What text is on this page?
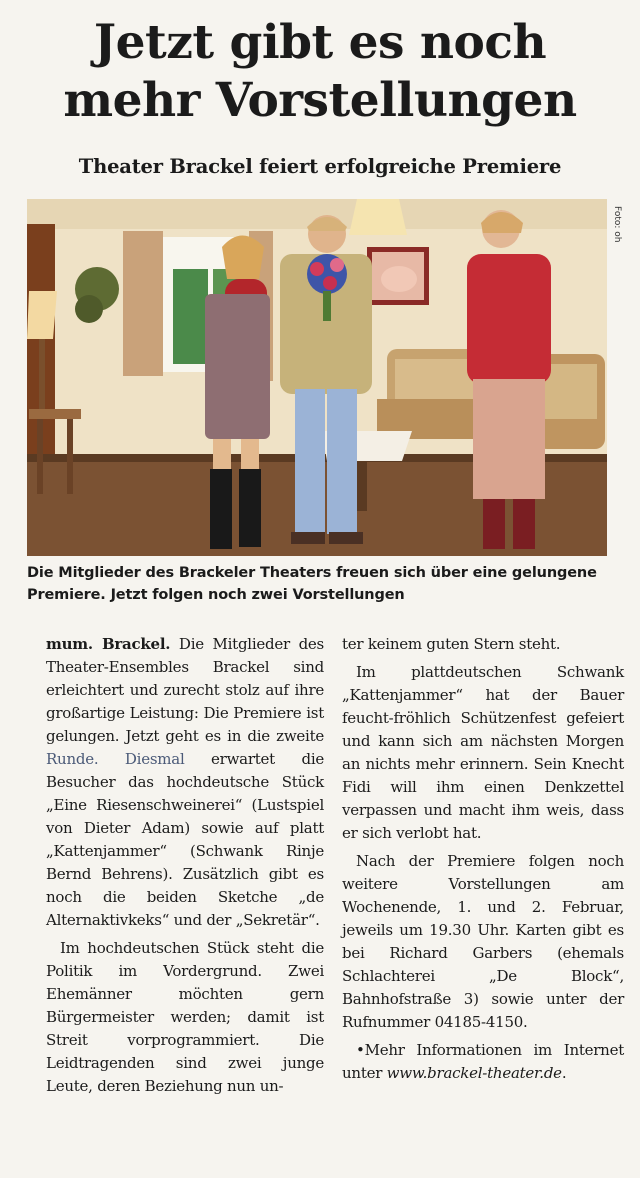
Jetzt gibt es noch
mehr Vorstellungen
Theater Brackel feiert erfolgreiche Premiere
Foto: oh
Die Mitglieder des Brackeler Theaters freuen sich über eine gelungene Premiere. Jetzt folgen noch zwei Vorstellungen

mum. Brackel. Die Mitglieder des Theater-Ensembles Brackel sind erleichtert und zurecht stolz auf ihre großartige Leistung: Die Premiere ist gelungen. Jetzt geht es in die zweite Runde. Diesmal erwartet die Besucher das hochdeutsche Stück „Eine Riesenschweinerei“ (Lustspiel von Dieter Adam) sowie auf platt „Kattenjammer“ (Schwank Rinje Bernd Behrens). Zusätzlich gibt es noch die beiden Sketche „de Alternaktivkeks“ und der „Sekretär“.

Im hochdeutschen Stück steht die Politik im Vordergrund. Zwei Ehemänner möchten gern Bürgermeister werden; damit ist Streit vorprogrammiert. Die Leidtragenden sind zwei junge Leute, deren Beziehung nun un-

ter keinem guten Stern steht.

Im plattdeutschen Schwank „Kattenjammer“ hat der Bauer feucht-fröhlich Schützenfest gefeiert und kann sich am nächsten Morgen an nichts mehr erinnern. Sein Knecht Fidi will ihm einen Denkzettel verpassen und macht ihm weis, dass er sich verlobt hat.

Nach der Premiere folgen noch weitere Vorstellungen am Wochenende, 1. und 2. Februar, jeweils um 19.30 Uhr. Karten gibt es bei Richard Garbers (ehemals Schlachterei „De Block“, Bahnhofstraße 3) sowie unter der Rufnummer 04185-4150.

•Mehr Informationen im Internet unter www.brackel-theater.de.
